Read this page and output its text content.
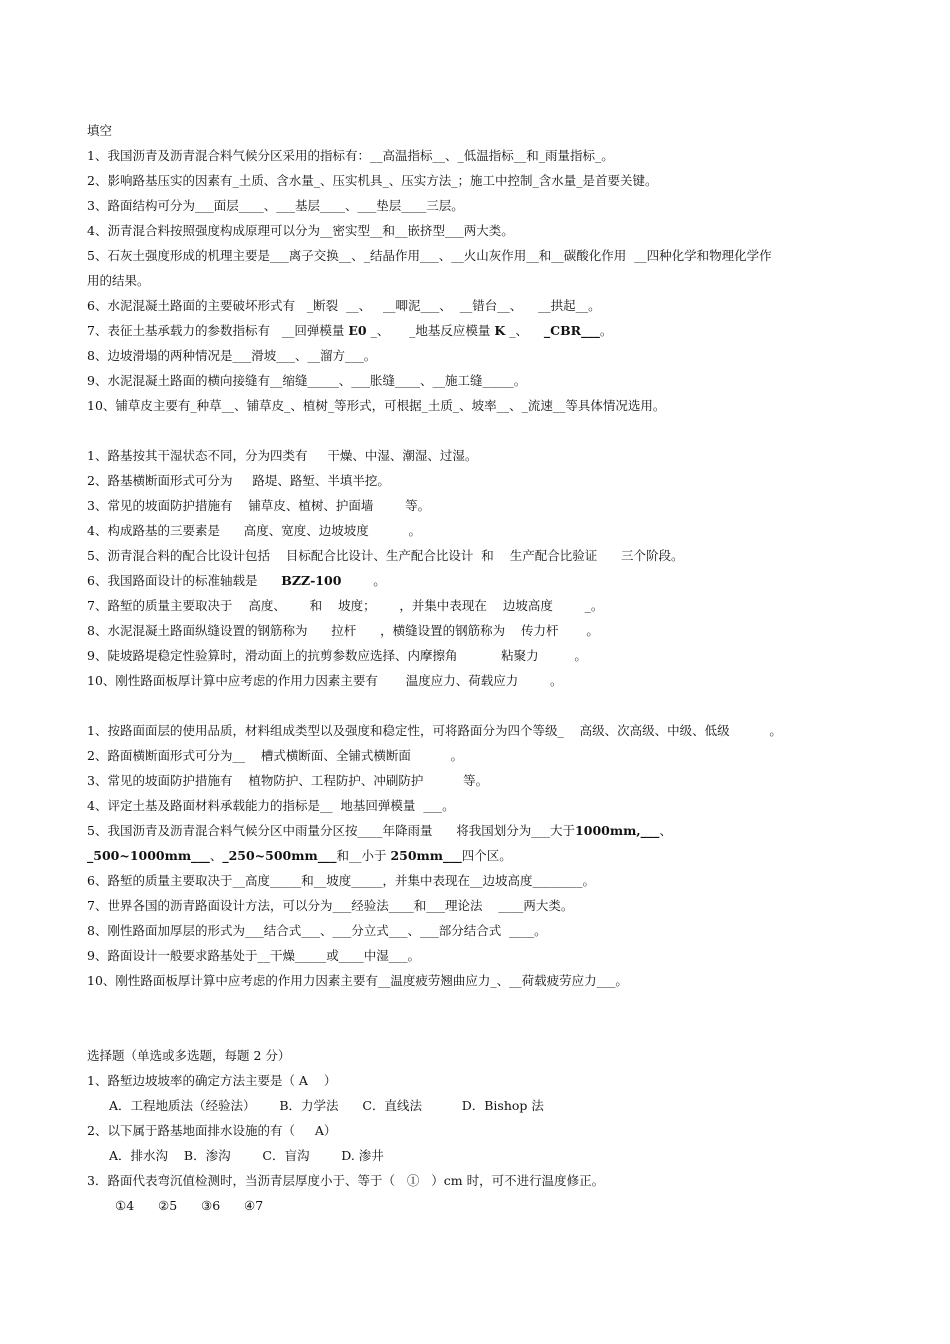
填空
1、我国沥青及沥青混合料气候分区采用的指标有：__高温指标__、_低温指标__和_雨量指标_。
2、影响路基压实的因素有_土质、含水量_、压实机具_、压实方法_；施工中控制_含水量_是首要关键。
3、路面结构可分为___面层____、___基层____、___垫层____三层。
4、沥青混合料按照强度构成原理可以分为__密实型__和__嵌挤型___两大类。
5、石灰土强度形成的机理主要是___离子交换__、_结晶作用___、__火山灰作用__和__碳酸化作用  __四种化学和物理化学作
用的结果。
6、水泥混凝土路面的主要破坏形式有   _断裂  __、   __唧泥___、  __错台__、    __拱起__。
7、表征土基承载力的参数指标有   __回弹模量 E0 _、     _地基反应模量 K _、    _CBR___。
8、边坡滑塌的两种情况是___滑坡___、__溜方___。
9、水泥混凝土路面的横向接缝有__缩缝_____、___胀缝____、__施工缝_____。
10、铺草皮主要有_种草__、铺草皮_、植树_等形式，可根据_土质_、坡率__、_流速__等具体情况选用。
1、路基按其干湿状态不同，分为四类有     干燥、中湿、潮湿、过湿。
2、路基横断面形式可分为     路堤、路堑、半填半挖。
3、常见的坡面防护措施有    铺草皮、植树、护面墙        等。
4、构成路基的三要素是      高度、宽度、边坡坡度          。
5、沥青混合料的配合比设计包括    目标配合比设计、生产配合比设计  和    生产配合比验证      三个阶段。
6、我国路面设计的标准轴载是      BZZ-100        。
7、路堑的质量主要取决于    高度、      和    坡度；      ，并集中表现在    边坡高度        _。
8、水泥混凝土路面纵缝设置的钢筋称为      拉杆      ，横缝设置的钢筋称为    传力杆       。
9、陡坡路堤稳定性验算时，滑动面上的抗剪参数应选择、内摩擦角           粘聚力         。
10、刚性路面板厚计算中应考虑的作用力因素主要有       温度应力、荷载应力        。
1、按路面面层的使用品质，材料组成类型以及强度和稳定性，可将路面分为四个等级_    高级、次高级、中级、低级          。
2、路面横断面形式可分为__    槽式横断面、全铺式横断面          。
3、常见的坡面防护措施有    植物防护、工程防护、冲刷防护          等。
4、评定土基及路面材料承载能力的指标是__  地基回弹模量  ___。
5、我国沥青及沥青混合料气候分区中雨量分区按____年降雨量      将我国划分为___大于1000mm,___、
_500~1000mm___、_250~500mm___和__小于 250mm___四个区。
6、路堑的质量主要取决于__高度_____和__坡度_____，并集中表现在__边坡高度________。
7、世界各国的沥青路面设计方法，可以分为___经验法____和___理论法    ____两大类。
8、刚性路面加厚层的形式为___结合式___、___分立式___、___部分结合式  ____。
9、路面设计一般要求路基处于__干燥_____或____中湿___。
10、刚性路面板厚计算中应考虑的作用力因素主要有__温度疲劳翘曲应力_、__荷载疲劳应力___。
选择题（单选或多选题，每题 2 分）
1、路堑边坡坡率的确定方法主要是（ A    ）
A．工程地质法（经验法）      B．力学法      C．直线法          D．Bishop 法
2、以下属于路基地面排水设施的有（     A）
A．排水沟    B．渗沟        C．盲沟        D. 渗井
3．路面代表弯沉值检测时，当沥青层厚度小于、等于（   ①   ）cm 时，可不进行温度修正。
①4      ②5      ③6      ④7
